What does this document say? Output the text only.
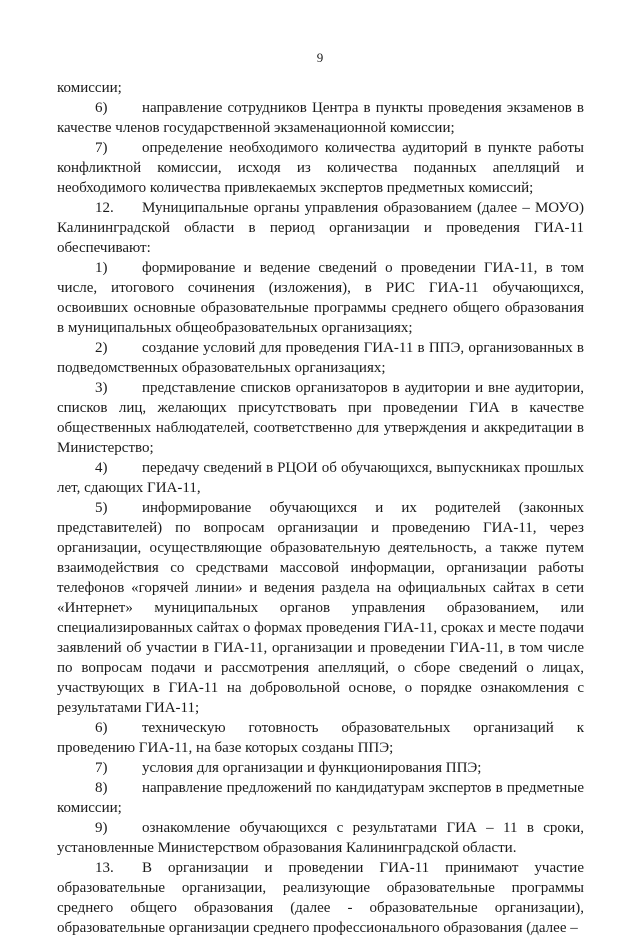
9

комиссии;

6) направление сотрудников Центра в пункты проведения экзаменов в качестве членов государственной экзаменационной комиссии;

7) определение необходимого количества аудиторий в пункте работы конфликтной комиссии, исходя из количества поданных апелляций и необходимого количества привлекаемых экспертов предметных комиссий;

12. Муниципальные органы управления образованием (далее – МОУО) Калининградской области в период организации и проведения ГИА-11 обеспечивают:

1) формирование и ведение сведений о проведении ГИА-11, в том числе, итогового сочинения (изложения), в РИС ГИА-11 обучающихся, освоивших основные образовательные программы среднего общего образования в муниципальных общеобразовательных организациях;

2) создание условий для проведения ГИА-11 в ППЭ, организованных в подведомственных образовательных организациях;

3) представление списков организаторов в аудитории и вне аудитории, списков лиц, желающих присутствовать при проведении ГИА в качестве общественных наблюдателей, соответственно для утверждения и аккредитации в Министерство;

4) передачу сведений в РЦОИ об обучающихся, выпускниках прошлых лет, сдающих ГИА-11,

5) информирование обучающихся и их родителей (законных представителей) по вопросам организации и проведению ГИА-11, через организации, осуществляющие образовательную деятельность, а также путем взаимодействия со средствами массовой информации, организации работы телефонов «горячей линии» и ведения раздела на официальных сайтах в сети «Интернет» муниципальных органов управления образованием, или специализированных сайтах о формах проведения ГИА-11, сроках и месте подачи заявлений об участии в ГИА-11, организации и проведении ГИА-11, в том числе по вопросам подачи и рассмотрения апелляций, о сборе сведений о лицах, участвующих в ГИА-11 на добровольной основе, о порядке ознакомления с результатами ГИА-11;

6) техническую готовность образовательных организаций к проведению ГИА-11, на базе которых созданы ППЭ;

7) условия для организации и функционирования ППЭ;

8) направление предложений по кандидатурам экспертов в предметные комиссии;

9) ознакомление обучающихся с результатами ГИА – 11 в сроки, установленные Министерством образования Калининградской области.

13. В организации и проведении ГИА-11 принимают участие образовательные организации, реализующие образовательные программы среднего общего образования (далее - образовательные организации), образовательные организации среднего профессионального образования (далее –
